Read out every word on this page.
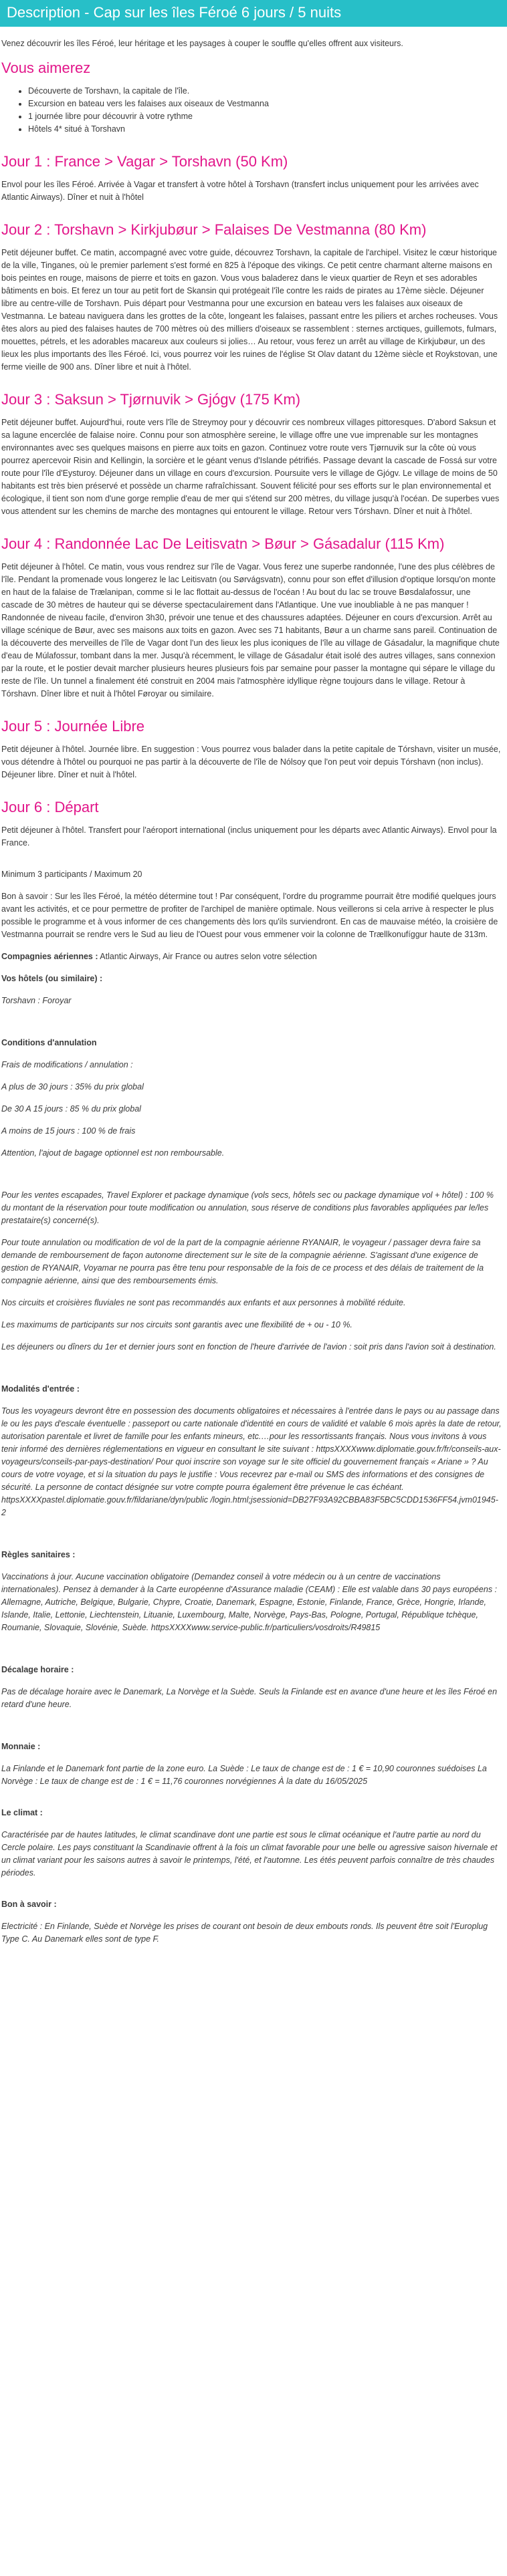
Description - Cap sur les îles Féroé 6 jours / 5 nuits

Venez découvrir les îles Féroé, leur héritage et les paysages à couper le souffle qu'elles offrent aux visiteurs.

Vous aimerez
• Découverte de Torshavn, la capitale de l'île.
• Excursion en bateau vers les falaises aux oiseaux de Vestmanna
• 1 journée libre pour découvrir à votre rythme
• Hôtels 4* situé à Torshavn
Jour 1 : France > Vagar > Torshavn (50 Km)

Envol pour les îles Féroé. Arrivée à Vagar et transfert à votre hôtel à Torshavn (transfert inclus uniquement pour les arrivées avec Atlantic Airways). Dîner et nuit à l'hôtel

Jour 2 : Torshavn > Kirkjubøur > Falaises De Vestmanna (80 Km)

Petit déjeuner buffet. Ce matin, accompagné avec votre guide, découvrez Torshavn, la capitale de l'archipel. Visitez le cœur historique de la ville, Tinganes, où le premier parlement s'est formé en 825 à l'époque des vikings. Ce petit centre charmant alterne maisons en bois peintes en rouge, maisons de pierre et toits en gazon. Vous vous baladerez dans le vieux quartier de Reyn et ses adorables bâtiments en bois. Et ferez un tour au petit fort de Skansin qui protégeait l'île contre les raids de pirates au 17ème siècle. Déjeuner libre au centre-ville de Torshavn. Puis départ pour Vestmanna pour une excursion en bateau vers les falaises aux oiseaux de Vestmanna. Le bateau naviguera dans les grottes de la côte, longeant les falaises, passant entre les piliers et arches rocheuses. Vous êtes alors au pied des falaises hautes de 700 mètres où des milliers d'oiseaux se rassemblent : sternes arctiques, guillemots, fulmars, mouettes, pétrels, et les adorables macareux aux couleurs si jolies… Au retour, vous ferez un arrêt au village de Kirkjubøur, un des lieux les plus importants des îles Féroé. Ici, vous pourrez voir les ruines de l'église St Olav datant du 12ème siècle et Roykstovan, une ferme vieille de 900 ans. Dîner libre et nuit à l'hôtel.

Jour 3 : Saksun > Tjørnuvik > Gjógv (175 Km)

Petit déjeuner buffet. Aujourd'hui, route vers l'île de Streymoy pour y découvrir ces nombreux villages pittoresques. D'abord Saksun et sa lagune encerclée de falaise noire. Connu pour son atmosphère sereine, le village offre une vue imprenable sur les montagnes environnantes avec ses quelques maisons en pierre aux toits en gazon. Continuez votre route vers Tjørnuvik sur la côte où vous pourrez apercevoir Risin and Kellingin, la sorcière et le géant venus d'Islande pétrifiés. Passage devant la cascade de Fossá sur votre route pour l'île d'Eysturoy. Déjeuner dans un village en cours d'excursion. Poursuite vers le village de Gjógv. Le village de moins de 50 habitants est très bien préservé et possède un charme rafraîchissant. Souvent félicité pour ses efforts sur le plan environnemental et écologique, il tient son nom d'une gorge remplie d'eau de mer qui s'étend sur 200 mètres, du village jusqu'à l'océan. De superbes vues vous attendent sur les chemins de marche des montagnes qui entourent le village. Retour vers Tórshavn. Dîner et nuit à l'hôtel.

Jour 4 : Randonnée Lac De Leitisvatn > Bøur > Gásadalur (115 Km)

Petit déjeuner à l'hôtel. Ce matin, vous vous rendrez sur l'île de Vagar. Vous ferez une superbe randonnée, l'une des plus célèbres de l'île. Pendant la promenade vous longerez le lac Leitisvatn (ou Sørvágsvatn), connu pour son effet d'illusion d'optique lorsqu'on monte en haut de la falaise de Trælanipan, comme si le lac flottait au-dessus de l'océan ! Au bout du lac se trouve Bøsdalafossur, une cascade de 30 mètres de hauteur qui se déverse spectaculairement dans l'Atlantique. Une vue inoubliable à ne pas manquer ! Randonnée de niveau facile, d'environ 3h30, prévoir une tenue et des chaussures adaptées. Déjeuner en cours d'excursion. Arrêt au village scénique de Bøur, avec ses maisons aux toits en gazon. Avec ses 71 habitants, Bøur a un charme sans pareil. Continuation de la découverte des merveilles de l'île de Vagar dont l'un des lieux les plus iconiques de l'île au village de Gásadalur, la magnifique chute d'eau de Múlafossur, tombant dans la mer. Jusqu'à récemment, le village de Gásadalur était isolé des autres villages, sans connexion par la route, et le postier devait marcher plusieurs heures plusieurs fois par semaine pour passer la montagne qui sépare le village du reste de l'île. Un tunnel a finalement été construit en 2004 mais l'atmosphère idyllique règne toujours dans le village. Retour à Tórshavn. Dîner libre et nuit à l'hôtel Føroyar ou similaire.

Jour 5 : Journée Libre

Petit déjeuner à l'hôtel. Journée libre. En suggestion : Vous pourrez vous balader dans la petite capitale de Tórshavn, visiter un musée, vous détendre à l'hôtel ou pourquoi ne pas partir à la découverte de l'île de Nólsoy que l'on peut voir depuis Tórshavn (non inclus). Déjeuner libre. Dîner et nuit à l'hôtel.

Jour 6 : Départ

Petit déjeuner à l'hôtel. Transfert pour l'aéroport international (inclus uniquement pour les départs avec Atlantic Airways). Envol pour la France.

Minimum 3 participants / Maximum 20

Bon à savoir : Sur les îles Féroé, la météo détermine tout ! Par conséquent, l'ordre du programme pourrait être modifié quelques jours avant les activités, et ce pour permettre de profiter de l'archipel de manière optimale. Nous veillerons si cela arrive à respecter le plus possible le programme et à vous informer de ces changements dès lors qu'ils surviendront. En cas de mauvaise météo, la croisière de Vestmanna pourrait se rendre vers le Sud au lieu de l'Ouest pour vous emmener voir la colonne de Trællkonufíggur haute de 313m.

Compagnies aériennes : Atlantic Airways, Air France ou autres selon votre sélection

Vos hôtels (ou similaire) :

Torshavn : Foroyar

Conditions d'annulation

Frais de modifications / annulation :

A plus de 30 jours : 35% du prix global

De 30 A 15 jours : 85 % du prix global

A moins de 15 jours : 100 % de frais

Attention, l'ajout de bagage optionnel est non remboursable.

Pour les ventes escapades, Travel Explorer et package dynamique (vols secs, hôtels sec ou package dynamique vol + hôtel) : 100 % du montant de la réservation pour toute modification ou annulation, sous réserve de conditions plus favorables appliquées par le/les prestataire(s) concerné(s).

Pour toute annulation ou modification de vol de la part de la compagnie aérienne RYANAIR, le voyageur / passager devra faire sa demande de remboursement de façon autonome directement sur le site de la compagnie aérienne. S'agissant d'une exigence de gestion de RYANAIR, Voyamar ne pourra pas être tenu pour responsable de la fois de ce process et des délais de traitement de la compagnie aérienne, ainsi que des remboursements émis.

Nos circuits et croisières fluviales ne sont pas recommandés aux enfants et aux personnes à mobilité réduite.

Les maximums de participants sur nos circuits sont garantis avec une flexibilité de + ou - 10 %.

Les déjeuners ou dîners du 1er et dernier jours sont en fonction de l'heure d'arrivée de l'avion : soit pris dans l'avion soit à destination.

Modalités d'entrée :

Tous les voyageurs devront être en possession des documents obligatoires et nécessaires à l'entrée dans le pays ou au passage dans le ou les pays d'escale éventuelle : passeport ou carte nationale d'identité en cours de validité et valable 6 mois après la date de retour, autorisation parentale et livret de famille pour les enfants mineurs, etc.…pour les ressortissants français. Nous vous invitons à vous tenir informé des dernières réglementations en vigueur en consultant le site suivant : httpsXXXXwww.diplomatie.gouv.fr/fr/conseils-aux-voyageurs/conseils-par-pays-destination/ Pour quoi inscrire son voyage sur le site officiel du gouvernement français « Ariane » ? Au cours de votre voyage, et si la situation du pays le justifie : Vous recevrez par e-mail ou SMS des informations et des consignes de sécurité. La personne de contact désignée sur votre compte pourra également être prévenue le cas échéant. httpsXXXXpastel.diplomatie.gouv.fr/fildariane/dyn/public /login.html;jsessionid=DB27F93A92CBBA83F5BC5CDD1536FF54.jvm01945-2

Règles sanitaires :

Vaccinations à jour. Aucune vaccination obligatoire (Demandez conseil à votre médecin ou à un centre de vaccinations internationales). Pensez à demander à la Carte européenne d'Assurance maladie (CEAM) : Elle est valable dans 30 pays européens : Allemagne, Autriche, Belgique, Bulgarie, Chypre, Croatie, Danemark, Espagne, Estonie, Finlande, France, Grèce, Hongrie, Irlande, Islande, Italie, Lettonie, Liechtenstein, Lituanie, Luxembourg, Malte, Norvège, Pays-Bas, Pologne, Portugal, République tchèque, Roumanie, Slovaquie, Slovénie, Suède. httpsXXXXwww.service-public.fr/particuliers/vosdroits/R49815

Décalage horaire :

Pas de décalage horaire avec le Danemark, La Norvège et la Suède. Seuls la Finlande est en avance d'une heure et les îles Féroé en retard d'une heure.

Monnaie :

La Finlande et le Danemark font partie de la zone euro. La Suède : Le taux de change est de : 1 € = 10,90 couronnes suédoises La Norvège : Le taux de change est de : 1 € = 11,76 couronnes norvégiennes À la date du 16/05/2025

Le climat :

Caractérisée par de hautes latitudes, le climat scandinave dont une partie est sous le climat océanique et l'autre partie au nord du Cercle polaire. Les pays constituant la Scandinavie offrent à la fois un climat favorable pour une belle ou agressive saison hivernale et un climat variant pour les saisons autres à savoir le printemps, l'été, et l'automne. Les étés peuvent parfois connaître de très chaudes périodes.

Bon à savoir :

Electricité : En Finlande, Suède et Norvège les prises de courant ont besoin de deux embouts ronds. Ils peuvent être soit l'Europlug Type C. Au Danemark elles sont de type F.
